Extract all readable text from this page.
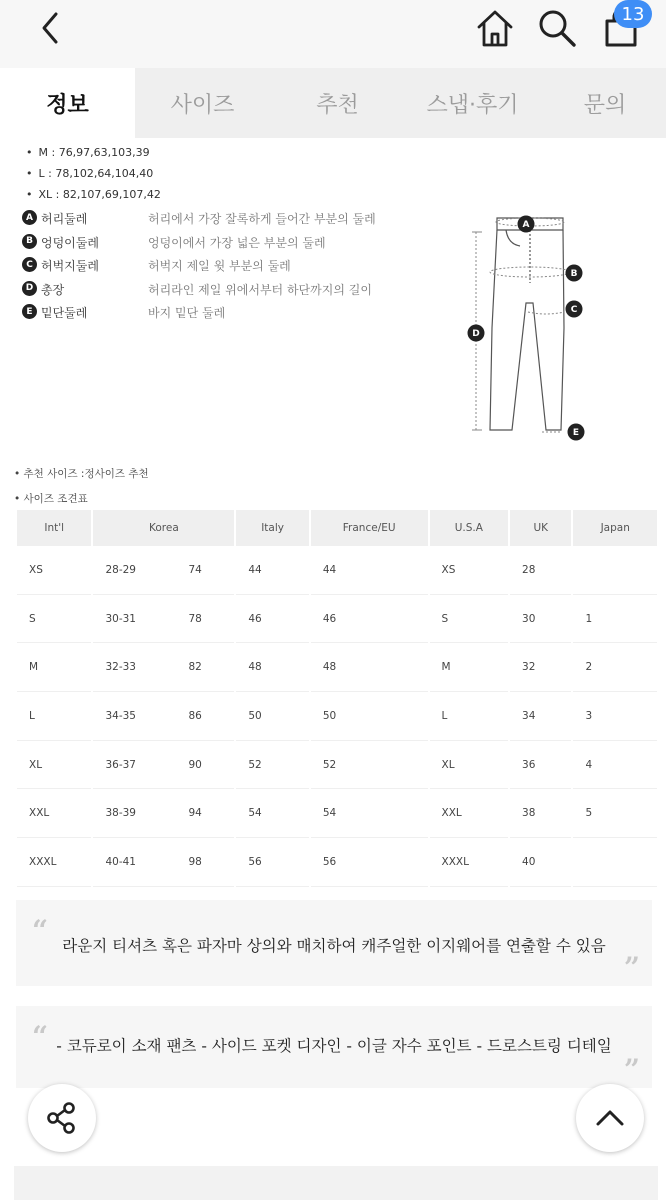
13
정보	사이즈	추천	스냅·후기	문의
• M : 76,97,63,103,39
• L : 78,102,64,104,40
• XL : 82,107,69,107,42
A 허리둘레	허리에서 가장 잘록하게 들어간 부분의 둘레
B 엉덩이둘레	엉덩이에서 가장 넓은 부분의 둘레
C 허벅지둘레	허벅지 제일 윗 부분의 둘레
D 총장	허리라인 제일 위에서부터 하단까지의 길이
E 밑단둘레	바지 밑단 둘레
A
B
C
D
E
• 추천 사이즈 :정사이즈 추천
• 사이즈 조견표
Int'l	Korea	Italy	France/EU	U.S.A	UK	Japan
XS	28-29 74	44	44	XS	28	
S	30-31 78	46	46	S	30	1
M	32-33 82	48	48	M	32	2
L	34-35 86	50	50	L	34	3
XL	36-37 90	52	52	XL	36	4
XXL	38-39 94	54	54	XXL	38	5
XXXL	40-41 98	56	56	XXXL	40	
“ 라운지 티셔츠 혹은 파자마 상의와 매치하여 캐주얼한 이지웨어를 연출할 수 있음
”
“ - 코듀로이 소재 팬츠 - 사이드 포켓 디자인 - 이글 자수 포인트 - 드로스트링 디테일
”
